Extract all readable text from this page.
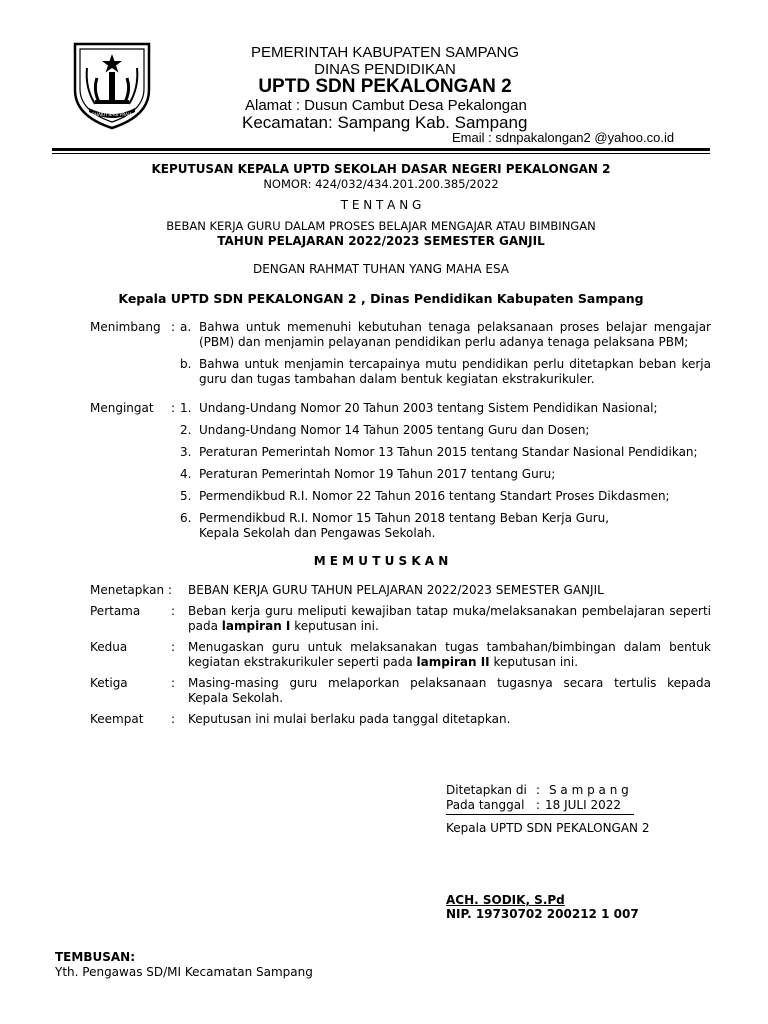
BHAKTI BAGI PRAJA
PEMERINTAH KABUPATEN SAMPANG
DINAS PENDIDIKAN
UPTD SDN PEKALONGAN 2
Alamat : Dusun Cambut Desa Pekalongan
Kecamatan: Sampang Kab. Sampang
Email : sdnpakalongan2 @yahoo.co.id
KEPUTUSAN KEPALA UPTD SEKOLAH DASAR NEGERI PEKALONGAN 2
NOMOR: 424/032/434.201.200.385/2022
T E N T A N G
BEBAN KERJA GURU DALAM PROSES BELAJAR MENGAJAR ATAU BIMBINGAN
TAHUN PELAJARAN 2022/2023 SEMESTER GANJIL
DENGAN RAHMAT TUHAN YANG MAHA ESA
Kepala UPTD SDN PEKALONGAN 2 , Dinas Pendidikan Kabupaten Sampang
Menimbang : a. Bahwa untuk memenuhi kebutuhan tenaga pelaksanaan proses belajar mengajar
(PBM) dan menjamin pelayanan pendidikan perlu adanya tenaga pelaksana PBM;
b. Bahwa untuk menjamin tercapainya mutu pendidikan perlu ditetapkan beban kerja
guru dan tugas tambahan dalam bentuk kegiatan ekstrakurikuler.
Mengingat : 1. Undang-Undang Nomor 20 Tahun 2003 tentang Sistem Pendidikan Nasional;
2. Undang-Undang Nomor 14 Tahun 2005 tentang Guru dan Dosen;
3. Peraturan Pemerintah Nomor 13 Tahun 2015 tentang Standar Nasional Pendidikan;
4. Peraturan Pemerintah Nomor 19 Tahun 2017 tentang Guru;
5. Permendikbud R.I. Nomor 22 Tahun 2016 tentang Standart Proses Dikdasmen;
6. Permendikbud R.I. Nomor 15 Tahun 2018 tentang Beban Kerja Guru,
Kepala Sekolah dan Pengawas Sekolah.
M E M U T U S K A N
Menetapkan : BEBAN KERJA GURU TAHUN PELAJARAN 2022/2023 SEMESTER GANJIL
Pertama	: Beban kerja guru meliputi kewajiban tatap muka/melaksanakan pembelajaran seperti
pada lampiran I keputusan ini.
Kedua	: Menugaskan guru untuk melaksanakan tugas tambahan/bimbingan dalam bentuk
kegiatan ekstrakurikuler seperti pada lampiran II keputusan ini.
Ketiga	: Masing-masing guru melaporkan pelaksanaan tugasnya secara tertulis kepada
Kepala Sekolah.
Keempat : Keputusan ini mulai berlaku pada tanggal ditetapkan.
Ditetapkan di : S a m p a n g
Pada tanggal : 18 JULI 2022
Kepala UPTD SDN PEKALONGAN 2
ACH. SODIK, S.Pd
NIP. 19730702 200212 1 007
TEMBUSAN:
Yth. Pengawas SD/MI Kecamatan Sampang
